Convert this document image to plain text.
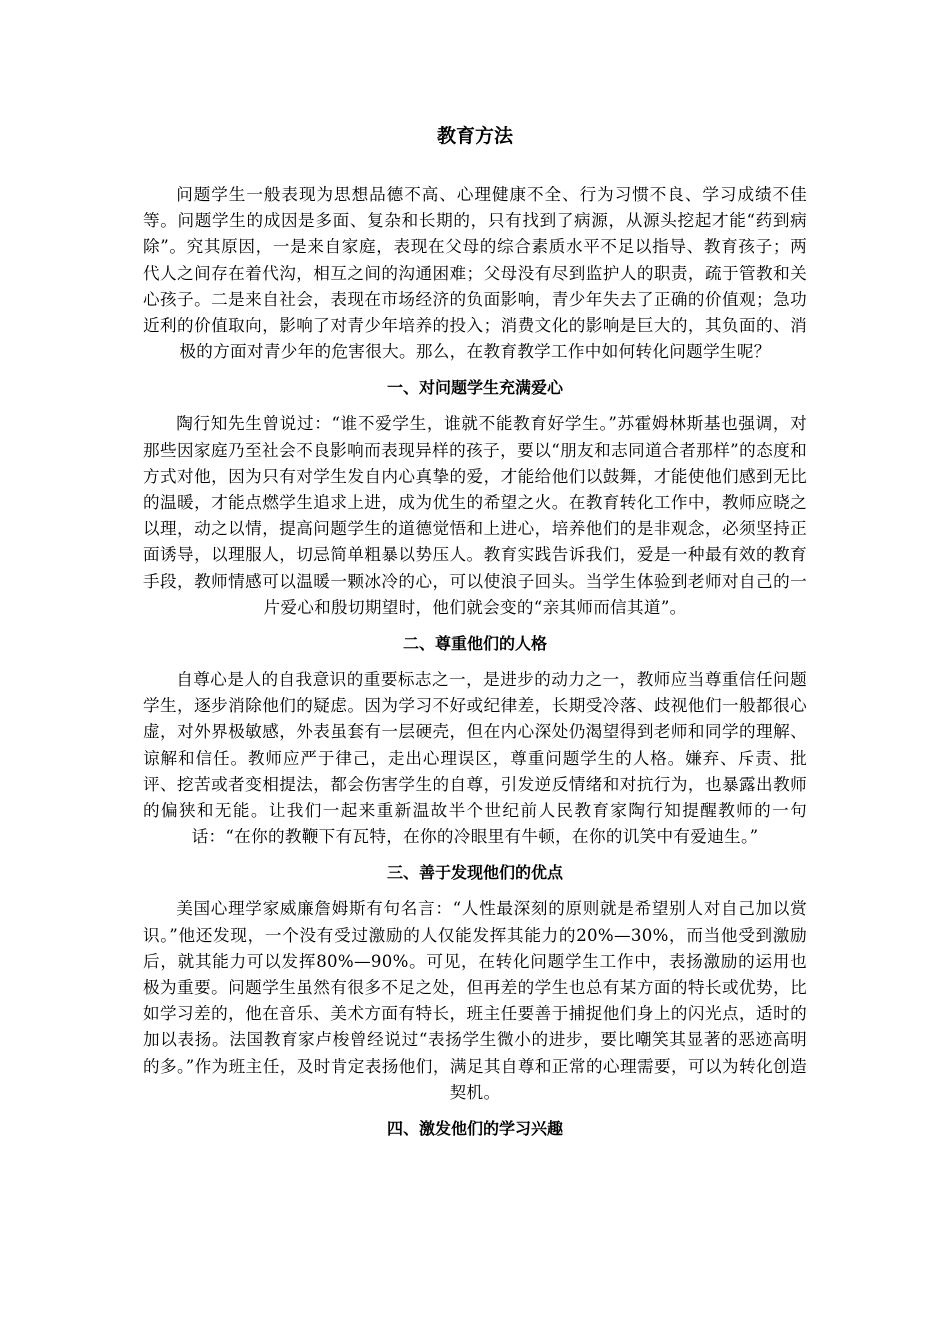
教育方法

问题学生一般表现为思想品德不高、心理健康不全、行为习惯不良、学习成绩不佳等。问题学生的成因是多面、复杂和长期的，只有找到了病源，从源头挖起才能“药到病除”。究其原因，一是来自家庭，表现在父母的综合素质水平不足以指导、教育孩子；两代人之间存在着代沟，相互之间的沟通困难；父母没有尽到监护人的职责，疏于管教和关心孩子。二是来自社会，表现在市场经济的负面影响，青少年失去了正确的价值观；急功近利的价值取向，影响了对青少年培养的投入；消费文化的影响是巨大的，其负面的、消极的方面对青少年的危害很大。那么，在教育教学工作中如何转化问题学生呢？

一、对问题学生充满爱心

陶行知先生曾说过：“谁不爱学生，谁就不能教育好学生。”苏霍姆林斯基也强调，对那些因家庭乃至社会不良影响而表现异样的孩子，要以“朋友和志同道合者那样”的态度和方式对他，因为只有对学生发自内心真挚的爱，才能给他们以鼓舞，才能使他们感到无比的温暖，才能点燃学生追求上进，成为优生的希望之火。在教育转化工作中，教师应晓之以理，动之以情，提高问题学生的道德觉悟和上进心，培养他们的是非观念，必须坚持正面诱导，以理服人，切忌简单粗暴以势压人。教育实践告诉我们，爱是一种最有效的教育手段，教师情感可以温暖一颗冰冷的心，可以使浪子回头。当学生体验到老师对自己的一片爱心和殷切期望时，他们就会变的“亲其师而信其道”。

二、尊重他们的人格

自尊心是人的自我意识的重要标志之一，是进步的动力之一，教师应当尊重信任问题学生，逐步消除他们的疑虑。因为学习不好或纪律差，长期受冷落、歧视他们一般都很心虚，对外界极敏感，外表虽套有一层硬壳，但在内心深处仍渴望得到老师和同学的理解、谅解和信任。教师应严于律己，走出心理误区，尊重问题学生的人格。嫌弃、斥责、批评、挖苦或者变相提法，都会伤害学生的自尊，引发逆反情绪和对抗行为，也暴露出教师的偏狭和无能。让我们一起来重新温故半个世纪前人民教育家陶行知提醒教师的一句话：“在你的教鞭下有瓦特，在你的冷眼里有牛顿，在你的讥笑中有爱迪生。”

三、善于发现他们的优点

美国心理学家威廉詹姆斯有句名言：“人性最深刻的原则就是希望别人对自己加以赏识。”他还发现，一个没有受过激励的人仅能发挥其能力的20%—30%，而当他受到激励后，就其能力可以发挥80%—90%。可见，在转化问题学生工作中，表扬激励的运用也极为重要。问题学生虽然有很多不足之处，但再差的学生也总有某方面的特长或优势，比如学习差的，他在音乐、美术方面有特长，班主任要善于捕捉他们身上的闪光点，适时的加以表扬。法国教育家卢梭曾经说过“表扬学生微小的进步，要比嘲笑其显著的恶迹高明的多。”作为班主任，及时肯定表扬他们，满足其自尊和正常的心理需要，可以为转化创造契机。

四、激发他们的学习兴趣
